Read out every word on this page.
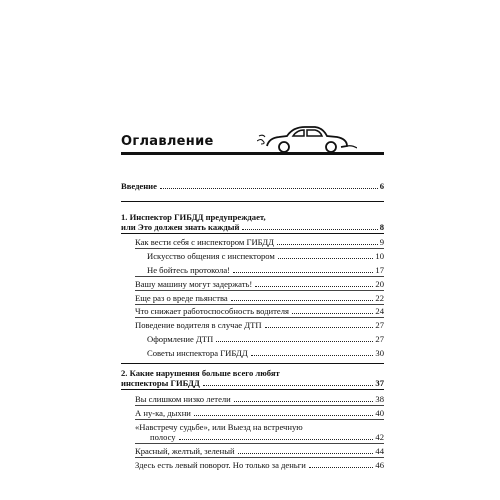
Оглавление
Введение	6
1. Инспектор ГИБДД предупреждает,
или Это должен знать каждый	8
Как вести себя с инспектором ГИБДД	9
Искусство общения с инспектором	10
Не бойтесь протокола!	17
Вашу машину могут задержать!	20
Еще раз о вреде пьянства	22
Что снижает работоспособность водителя	24
Поведение водителя в случае ДТП	27
Оформление ДТП	27
Советы инспектора ГИБДД	30
2. Какие нарушения больше всего любят
инспекторы ГИБДД	37
Вы слишком низко летели	38
А ну-ка, дыхни	40
«Навстречу судьбе», или Выезд на встречную
полосу	42
Красный, желтый, зеленый	44
Здесь есть левый поворот. Но только за деньги	46
